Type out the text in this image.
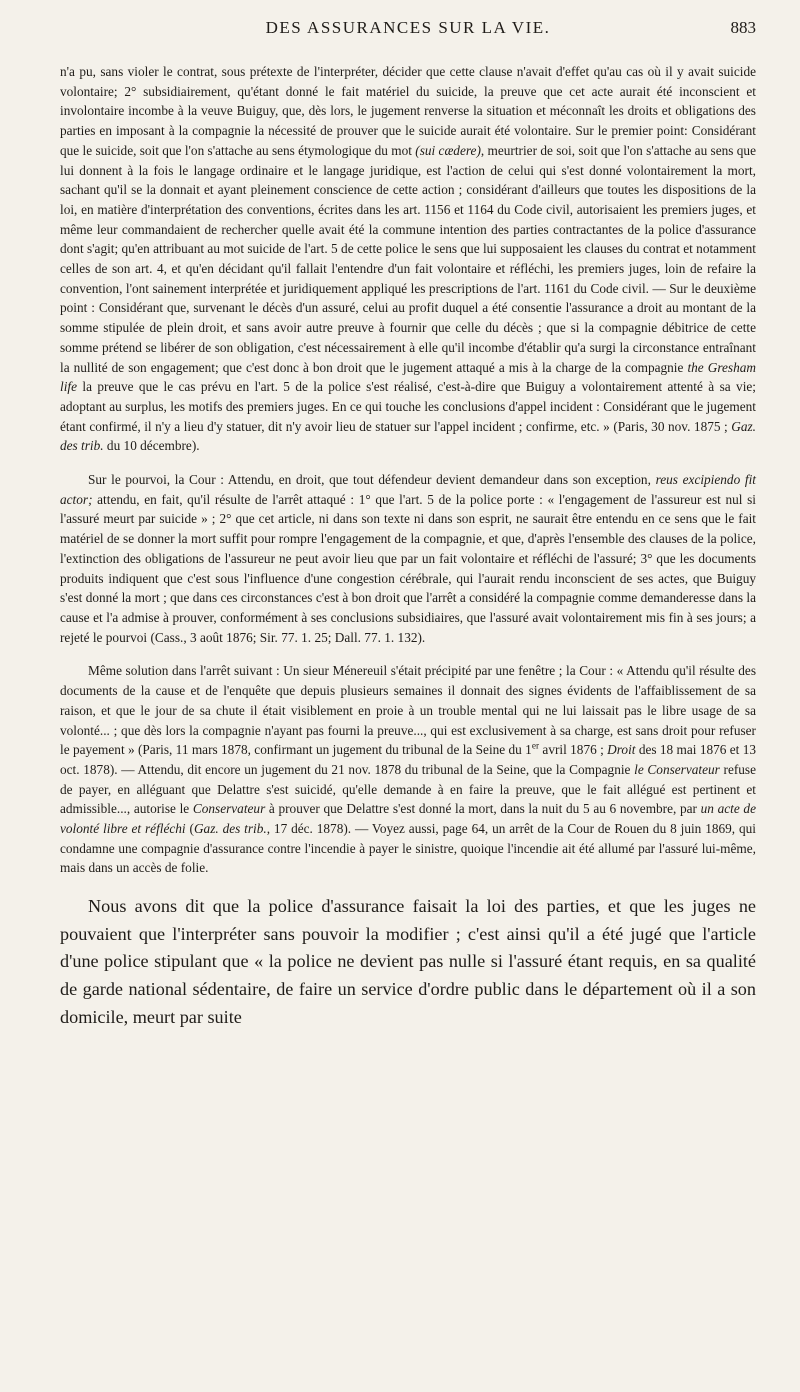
DES ASSURANCES SUR LA VIE.	883
n'a pu, sans violer le contrat, sous prétexte de l'interpréter, décider que cette clause n'avait d'effet qu'au cas où il y avait suicide volontaire; 2° subsidiairement, qu'étant donné le fait matériel du suicide, la preuve que cet acte aurait été inconscient et involontaire incombe à la veuve Buiguy, que, dès lors, le jugement renverse la situation et méconnaît les droits et obligations des parties en imposant à la compagnie la nécessité de prouver que le suicide aurait été volontaire. Sur le premier point: Considérant que le suicide, soit que l'on s'attache au sens étymologique du mot (sui cædere), meurtrier de soi, soit que l'on s'attache au sens que lui donnent à la fois le langage ordinaire et le langage juridique, est l'action de celui qui s'est donné volontairement la mort, sachant qu'il se la donnait et ayant pleinement conscience de cette action ; considérant d'ailleurs que toutes les dispositions de la loi, en matière d'interprétation des conventions, écrites dans les art. 1156 et 1164 du Code civil, autorisaient les premiers juges, et même leur commandaient de rechercher quelle avait été la commune intention des parties contractantes de la police d'assurance dont s'agit; qu'en attribuant au mot suicide de l'art. 5 de cette police le sens que lui supposaient les clauses du contrat et notamment celles de son art. 4, et qu'en décidant qu'il fallait l'entendre d'un fait volontaire et réfléchi, les premiers juges, loin de refaire la convention, l'ont sainement interprétée et juridiquement appliqué les prescriptions de l'art. 1161 du Code civil. — Sur le deuxième point : Considérant que, survenant le décès d'un assuré, celui au profit duquel a été consentie l'assurance a droit au montant de la somme stipulée de plein droit, et sans avoir autre preuve à fournir que celle du décès ; que si la compagnie débitrice de cette somme prétend se libérer de son obligation, c'est nécessairement à elle qu'il incombe d'établir qu'a surgi la circonstance entraînant la nullité de son engagement; que c'est donc à bon droit que le jugement attaqué a mis à la charge de la compagnie the Gresham life la preuve que le cas prévu en l'art. 5 de la police s'est réalisé, c'est-à-dire que Buiguy a volontairement attenté à sa vie; adoptant au surplus, les motifs des premiers juges. En ce qui touche les conclusions d'appel incident : Considérant que le jugement étant confirmé, il n'y a lieu d'y statuer, dit n'y avoir lieu de statuer sur l'appel incident ; confirme, etc. » (Paris, 30 nov. 1875 ; Gaz. des trib. du 10 décembre).
Sur le pourvoi, la Cour : Attendu, en droit, que tout défendeur devient demandeur dans son exception, reus excipiendo fit actor; attendu, en fait, qu'il résulte de l'arrêt attaqué : 1° que l'art. 5 de la police porte : « l'engagement de l'assureur est nul si l'assuré meurt par suicide » ; 2° que cet article, ni dans son texte ni dans son esprit, ne saurait être entendu en ce sens que le fait matériel de se donner la mort suffit pour rompre l'engagement de la compagnie, et que, d'après l'ensemble des clauses de la police, l'extinction des obligations de l'assureur ne peut avoir lieu que par un fait volontaire et réfléchi de l'assuré; 3° que les documents produits indiquent que c'est sous l'influence d'une congestion cérébrale, qui l'aurait rendu inconscient de ses actes, que Buiguy s'est donné la mort ; que dans ces circonstances c'est à bon droit que l'arrêt a considéré la compagnie comme demanderesse dans la cause et l'a admise à prouver, conformément à ses conclusions subsidiaires, que l'assuré avait volontairement mis fin à ses jours; a rejeté le pourvoi (Cass., 3 août 1876; Sir. 77. 1. 25; Dall. 77. 1. 132).
Même solution dans l'arrêt suivant : Un sieur Ménereuil s'était précipité par une fenêtre ; la Cour : « Attendu qu'il résulte des documents de la cause et de l'enquête que depuis plusieurs semaines il donnait des signes évidents de l'affaiblissement de sa raison, et que le jour de sa chute il était visiblement en proie à un trouble mental qui ne lui laissait pas le libre usage de sa volonté... ; que dès lors la compagnie n'ayant pas fourni la preuve..., qui est exclusivement à sa charge, est sans droit pour refuser le payement » (Paris, 11 mars 1878, confirmant un jugement du tribunal de la Seine du 1er avril 1876 ; Droit des 18 mai 1876 et 13 oct. 1878). — Attendu, dit encore un jugement du 21 nov. 1878 du tribunal de la Seine, que la Compagnie le Conservateur refuse de payer, en alléguant que Delattre s'est suicidé, qu'elle demande à en faire la preuve, que le fait allégué est pertinent et admissible..., autorise le Conservateur à prouver que Delattre s'est donné la mort, dans la nuit du 5 au 6 novembre, par un acte de volonté libre et réfléchi (Gaz. des trib., 17 déc. 1878). — Voyez aussi, page 64, un arrêt de la Cour de Rouen du 8 juin 1869, qui condamne une compagnie d'assurance contre l'incendie à payer le sinistre, quoique l'incendie ait été allumé par l'assuré lui-même, mais dans un accès de folie.
Nous avons dit que la police d'assurance faisait la loi des parties, et que les juges ne pouvaient que l'interpréter sans pouvoir la modifier ; c'est ainsi qu'il a été jugé que l'article d'une police stipulant que « la police ne devient pas nulle si l'assuré étant requis, en sa qualité de garde national sédentaire, de faire un service d'ordre public dans le département où il a son domicile, meurt par suite
